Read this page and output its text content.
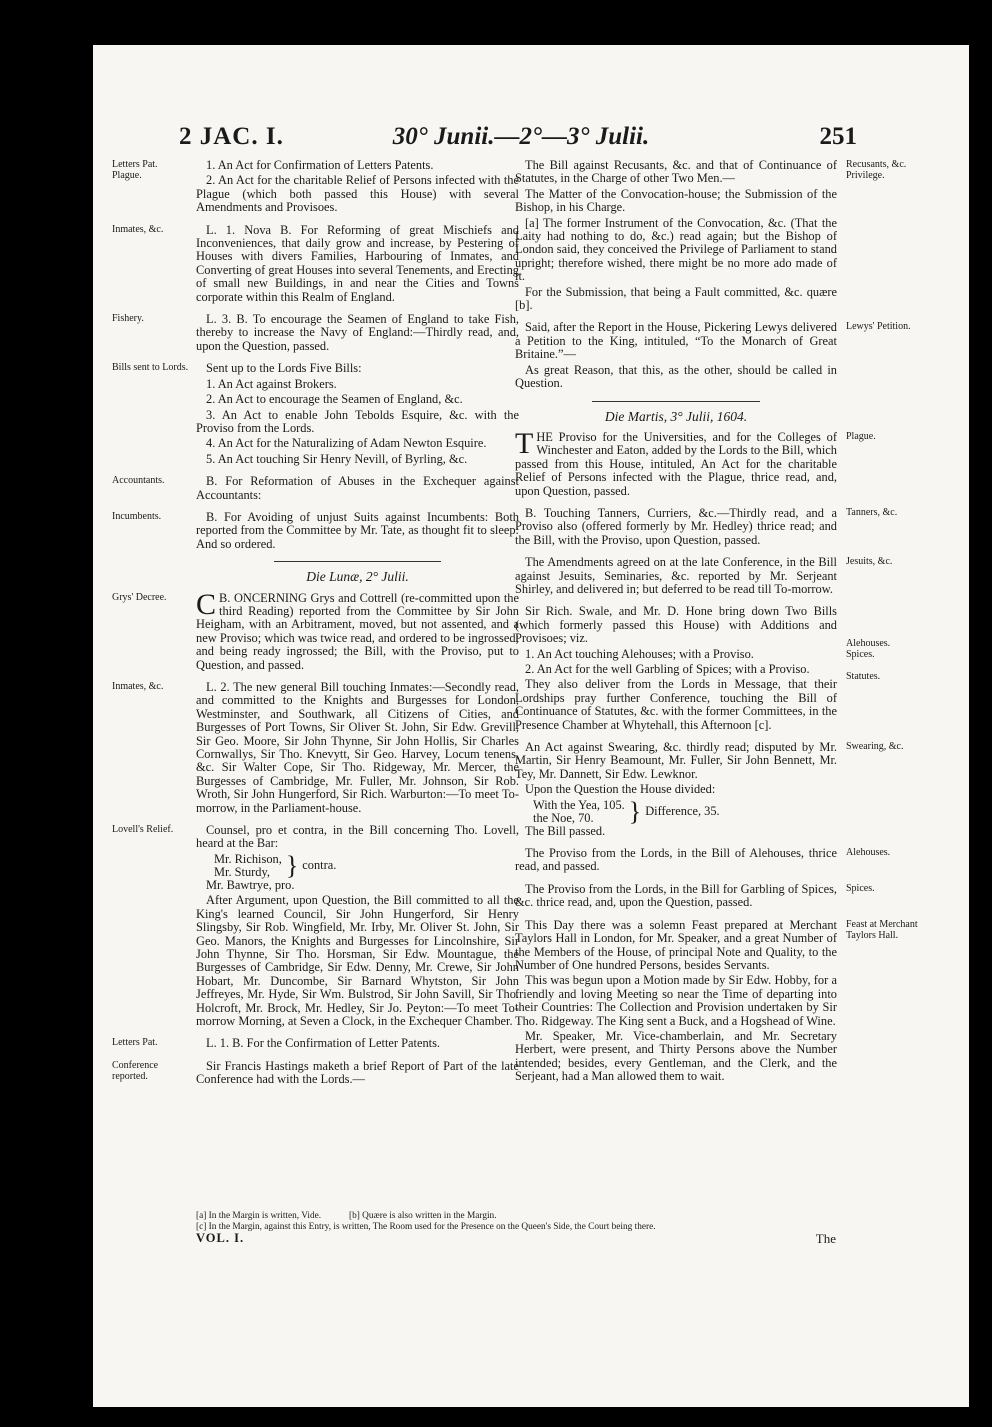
2 JAC. I.	30° Junii.—2°—3° Julii.	251
Letters Pat.
Plague.

1. An Act for Confirmation of Letters Patents.

2. An Act for the charitable Relief of Persons infected with the Plague (which both passed this House) with several Amendments and Provisoes.

Inmates, &c.	L. 1. Nova B. For Reforming of great Mischiefs and Inconveniences, that daily grow and increase, by Pestering of Houses with divers Families, Harbouring of Inmates, and Converting of great Houses into several Tenements, and Erecting of small new Buildings, in and near the Cities and Towns corporate within this Realm of England.

Fishery.	L. 3. B. To encourage the Seamen of England to take Fish, thereby to increase the Navy of England:—Thirdly read, and, upon the Question, passed.

Bills sent to Lords.	Sent up to the Lords Five Bills:

1. An Act against Brokers.

2. An Act to encourage the Seamen of England, &c.

3. An Act to enable John Tebolds Esquire, &c. with the Proviso from the Lords.

4. An Act for the Naturalizing of Adam Newton Esquire.

5. An Act touching Sir Henry Nevill, of Byrling, &c.

Accountants.	B. For Reformation of Abuses in the Exchequer against Accountants:

Incumbents.	B. For Avoiding of unjust Suits against Incumbents: Both reported from the Committee by Mr. Tate, as thought fit to sleep: And so ordered.

Die Lunæ, 2° Julii.
Grys' Decree. C B. ONCERNING Grys and Cottrell (re-committed upon the third Reading) reported from the Committee by Sir John Heigham, with an Arbitrament, moved, but not assented, and a new Proviso; which was twice read, and ordered to be ingrossed; and being ready ingrossed; the Bill, with the Proviso, put to Question, and passed.

Inmates, &c.	L. 2. The new general Bill touching Inmates:—Secondly read, and committed to the Knights and Burgesses for London, Westminster, and Southwark, all Citizens of Cities, and Burgesses of Port Towns, Sir Oliver St. John, Sir Edw. Grevill, Sir Geo. Moore, Sir John Thynne, Sir John Hollis, Sir Charles Cornwallys, Sir Tho. Knevytt, Sir Geo. Harvey, Locum tenens, &c. Sir Walter Cope, Sir Tho. Ridgeway, Mr. Mercer, the Burgesses of Cambridge, Mr. Fuller, Mr. Johnson, Sir Rob. Wroth, Sir John Hungerford, Sir Rich. Warburton:—To meet To-morrow, in the Parliament-house.

Lovell's Relief.	Counsel, pro et contra, in the Bill concerning Tho. Lovell, heard at the Bar:

Mr. Richison,
Mr. Sturdy, } contra.

Mr. Bawtrye, pro.

After Argument, upon Question, the Bill committed to all the King's learned Council, Sir John Hungerford, Sir Henry Slingsby, Sir Rob. Wingfield, Mr. Irby, Mr. Oliver St. John, Sir Geo. Manors, the Knights and Burgesses for Lincolnshire, Sir John Thynne, Sir Tho. Horsman, Sir Edw. Mountague, the Burgesses of Cambridge, Sir Edw. Denny, Mr. Crewe, Sir John Hobart, Mr. Duncombe, Sir Barnard Whytston, Sir John Jeffreyes, Mr. Hyde, Sir Wm. Bulstrod, Sir John Savill, Sir Tho. Holcroft, Mr. Brock, Mr. Hedley, Sir Jo. Peyton:—To meet To-morrow Morning, at Seven a Clock, in the Exchequer Chamber.

Letters Pat.	L. 1. B. For the Confirmation of Letter Patents.

Conference reported.

Sir Francis Hastings maketh a brief Report of Part of the late Conference had with the Lords.—

Recusants, &c.
Privilege.

The Bill against Recusants, &c. and that of Continuance of Statutes, in the Charge of other Two Men.—

The Matter of the Convocation-house; the Submission of the Bishop, in his Charge.

[a] The former Instrument of the Convocation, &c. (That the Laity had nothing to do, &c.) read again; but the Bishop of London said, they conceived the Privilege of Parliament to stand upright; therefore wished, there might be no more ado made of it.

For the Submission, that being a Fault committed, &c. quære [b].

Lewys' Petition.

Said, after the Report in the House, Pickering Lewys delivered a Petition to the King, intituled, “To the Monarch of Great Britaine.”—

As great Reason, that this, as the other, should be called in Question.

Die Martis, 3° Julii, 1604.
Plague.

THE Proviso for the Universities, and for the Colleges of Winchester and Eaton, added by the Lords to the Bill, which passed from this House, intituled, An Act for the charitable Relief of Persons infected with the Plague, thrice read, and, upon Question, passed.

Tanners, &c.

B. Touching Tanners, Curriers, &c.—Thirdly read, and a Proviso also (offered formerly by Mr. Hedley) thrice read; and the Bill, with the Proviso, upon Question, passed.

Jesuits, &c.

The Amendments agreed on at the late Conference, in the Bill against Jesuits, Seminaries, &c. reported by Mr. Serjeant Shirley, and delivered in; but deferred to be read till To-morrow.

Alehouses.
Spices.

Statutes.

Sir Rich. Swale, and Mr. D. Hone bring down Two Bills (which formerly passed this House) with Additions and Provisoes; viz.

1. An Act touching Alehouses; with a Proviso.

2. An Act for the well Garbling of Spices; with a Proviso.

They also deliver from the Lords in Message, that their Lordships pray further Conference, touching the Bill of Continuance of Statutes, &c. with the former Committees, in the Presence Chamber at Whytehall, this Afternoon [c].

Swearing, &c.

An Act against Swearing, &c. thirdly read; disputed by Mr. Martin, Sir Henry Beamount, Mr. Fuller, Sir John Bennett, Mr. Tey, Mr. Dannett, Sir Edw. Lewknor.

Upon the Question the House divided:

With the Yea, 105.
the Noe, 70.	} Difference, 35.

The Bill passed.

Alehouses.

The Proviso from the Lords, in the Bill of Alehouses, thrice read, and passed.

Spices.

The Proviso from the Lords, in the Bill for Garbling of Spices, &c. thrice read, and, upon the Question, passed.

Feast at Merchant Taylors Hall.

This Day there was a solemn Feast prepared at Merchant Taylors Hall in London, for Mr. Speaker, and a great Number of the Members of the House, of principal Note and Quality, to the Number of One hundred Persons, besides Servants.

This was begun upon a Motion made by Sir Edw. Hobby, for a friendly and loving Meeting so near the Time of departing into their Countries: The Collection and Provision undertaken by Sir Tho. Ridgeway. The King sent a Buck, and a Hogshead of Wine.

Mr. Speaker, Mr. Vice-chamberlain, and Mr. Secretary Herbert, were present, and Thirty Persons above the Number intended; besides, every Gentleman, and the Clerk, and the Serjeant, had a Man allowed them to wait.

[a] In the Margin is written, Vide.	[b] Quære is also written in the Margin.
[c] In the Margin, against this Entry, is written, The Room used for the Presence on the Queen's Side, the Court being there.
VOL. I.	The
